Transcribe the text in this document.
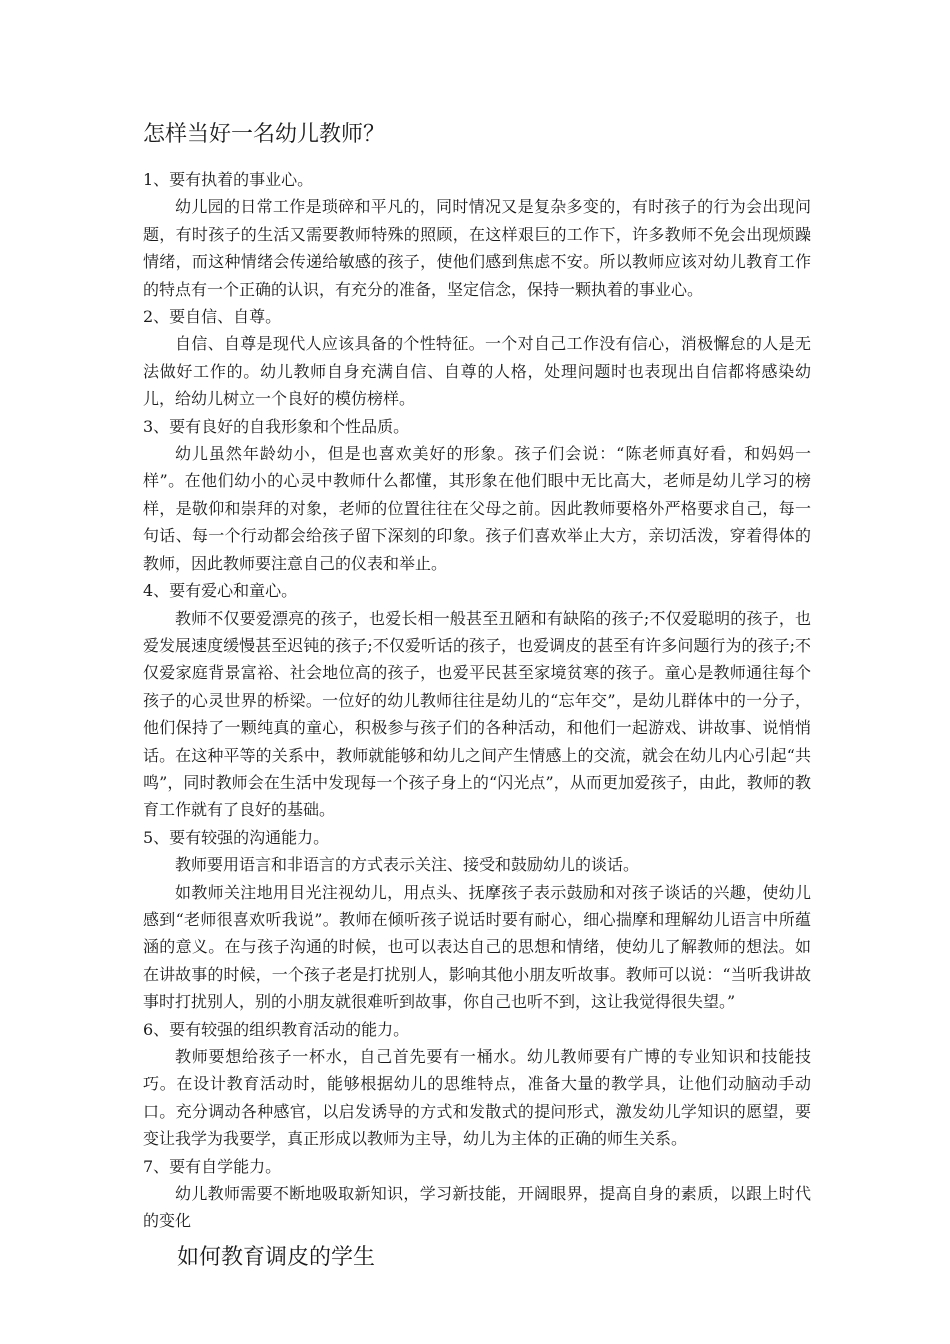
怎样当好一名幼儿教师？

1、要有执着的事业心。

幼儿园的日常工作是琐碎和平凡的，同时情况又是复杂多变的，有时孩子的行为会出现问题，有时孩子的生活又需要教师特殊的照顾，在这样艰巨的工作下，许多教师不免会出现烦躁情绪，而这种情绪会传递给敏感的孩子，使他们感到焦虑不安。所以教师应该对幼儿教育工作的特点有一个正确的认识，有充分的准备，坚定信念，保持一颗执着的事业心。

2、要自信、自尊。

自信、自尊是现代人应该具备的个性特征。一个对自己工作没有信心，消极懈怠的人是无法做好工作的。幼儿教师自身充满自信、自尊的人格，处理问题时也表现出自信都将感染幼儿，给幼儿树立一个良好的模仿榜样。

3、要有良好的自我形象和个性品质。

幼儿虽然年龄幼小，但是也喜欢美好的形象。孩子们会说：“陈老师真好看，和妈妈一样”。在他们幼小的心灵中教师什么都懂，其形象在他们眼中无比高大，老师是幼儿学习的榜样，是敬仰和崇拜的对象，老师的位置往往在父母之前。因此教师要格外严格要求自己，每一句话、每一个行动都会给孩子留下深刻的印象。孩子们喜欢举止大方，亲切活泼，穿着得体的教师，因此教师要注意自己的仪表和举止。

4、要有爱心和童心。

教师不仅要爱漂亮的孩子，也爱长相一般甚至丑陋和有缺陷的孩子;不仅爱聪明的孩子，也爱发展速度缓慢甚至迟钝的孩子;不仅爱听话的孩子，也爱调皮的甚至有许多问题行为的孩子;不仅爱家庭背景富裕、社会地位高的孩子，也爱平民甚至家境贫寒的孩子。童心是教师通往每个孩子的心灵世界的桥梁。一位好的幼儿教师往往是幼儿的“忘年交”，是幼儿群体中的一分子，他们保持了一颗纯真的童心，积极参与孩子们的各种活动，和他们一起游戏、讲故事、说悄悄话。在这种平等的关系中，教师就能够和幼儿之间产生情感上的交流，就会在幼儿内心引起“共鸣”，同时教师会在生活中发现每一个孩子身上的“闪光点”，从而更加爱孩子，由此，教师的教育工作就有了良好的基础。

5、要有较强的沟通能力。

教师要用语言和非语言的方式表示关注、接受和鼓励幼儿的谈话。

如教师关注地用目光注视幼儿，用点头、抚摩孩子表示鼓励和对孩子谈话的兴趣，使幼儿感到“老师很喜欢听我说”。教师在倾听孩子说话时要有耐心，细心揣摩和理解幼儿语言中所蕴涵的意义。在与孩子沟通的时候，也可以表达自己的思想和情绪，使幼儿了解教师的想法。如在讲故事的时候，一个孩子老是打扰别人，影响其他小朋友听故事。教师可以说：“当听我讲故事时打扰别人，别的小朋友就很难听到故事，你自己也听不到，这让我觉得很失望。”

6、要有较强的组织教育活动的能力。

教师要想给孩子一杯水，自己首先要有一桶水。幼儿教师要有广博的专业知识和技能技巧。在设计教育活动时，能够根据幼儿的思维特点，准备大量的教学具，让他们动脑动手动口。充分调动各种感官，以启发诱导的方式和发散式的提问形式，激发幼儿学知识的愿望，要变让我学为我要学，真正形成以教师为主导，幼儿为主体的正确的师生关系。

7、要有自学能力。

幼儿教师需要不断地吸取新知识，学习新技能，开阔眼界，提高自身的素质，以跟上时代的变化

如何教育调皮的学生
